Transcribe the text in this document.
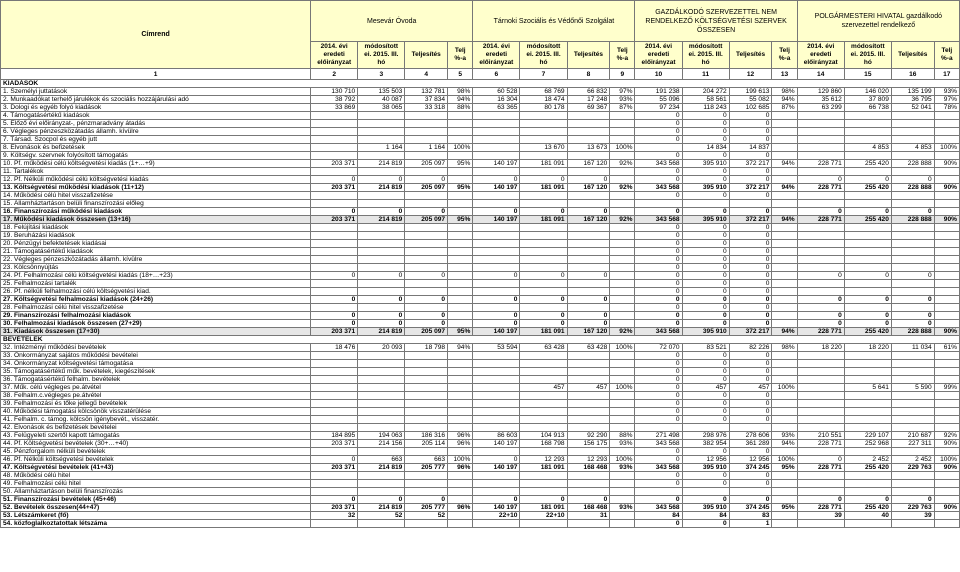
Címrend	Mesevár Óvoda				Tárnoki Szociális és Védőnői Szolgálat				GAZDÁLKODÓ SZERVEZETTEL NEM RENDELKEZŐ KÖLTSÉGVETÉSI SZERVEK ÖSSZESEN				POLGÁRMESTERI HIVATAL gazdálkodó szervezettel rendelkező			
	2014. évi eredeti előirányzat	módosított ei. 2015. III. hó	Teljesítés	Telj %-a	2014. évi eredeti előirányzat	módosított ei. 2015. III. hó	Teljesítés	Telj %-a	2014. évi eredeti előirányzat	módosított ei. 2015. III. hó	Teljesítés	Telj %-a	2014. évi eredeti előirányzat	módosított ei. 2015. III. hó	Teljesítés	Telj %-a
1	2	3	4	5	6	7	8	9	10	11	12	13	14	15	16	17
KIADÁSOK																
1. Személyi juttatások	130 710	135 503	132 781	98%	60 528	68 769	66 832	97%	191 238	204 272	199 613	98%	129 860	146 020	135 199	93%
2. Munkaadókat terhelő járulékok és szociális hozzájárulási adó	38 792	40 087	37 834	94%	16 304	18 474	17 248	93%	55 096	58 561	55 082	94%	35 612	37 809	36 795	97%
3. Dologi és egyéb folyó kiadások	33 869	38 065	33 318	88%	63 365	80 178	69 367	87%	97 234	118 243	102 685	87%	63 299	66 738	52 041	78%
4. Támogatásértékű kiadások									0	0	0					
5. Előző évi előirányzat-, pénzmaradvány átadás									0	0	0					
6. Végleges pénzeszközátadás államh. kívülre									0	0	0					
7. Társad. Szocpol és egyéb jutt									0	0	0					
8. Elvonások és befizetések		1 164	1 164	100%		13 670	13 673	100%		14 834	14 837			4 853	4 853	100%
9. Költségv. szervnek folyósított támogatás									0	0	0					
10. Pf. működési célú költségvetési kiadás (1+…+9)	203 371	214 819	205 097	95%	140 197	181 091	167 120	92%	343 568	395 910	372 217	94%	228 771	255 420	228 888	90%
11. Tartalékok									0	0	0					
12. Pf. Nélküli működési célú költségvetési kiadás	0	0	0		0	0	0		0	0	0		0	0	0	
13. Költségvetési működési kiadások (11+12)	203 371	214 819	205 097	95%	140 197	181 091	167 120	92%	343 568	395 910	372 217	94%	228 771	255 420	228 888	90%
14. Működési célú hitel visszafizetése									0	0	0					
15. Államháztartáson belüli finanszírozási előleg																
16. Finanszírozási működési kiadások	0	0	0		0	0	0		0	0	0		0	0	0	
17. Működési kiadások összesen (13+16)	203 371	214 819	205 097	95%	140 197	181 091	167 120	92%	343 568	395 910	372 217	94%	228 771	255 420	228 888	90%
18. Felújítási kiadások									0	0	0					
19. Beruházási kiadások									0	0	0					
20. Pénzügyi befektetések kiadásai									0	0	0					
21. Támogatásértékű kiadások									0	0	0					
22. Végleges pénzeszközátadás államh. kívülre									0	0	0					
23. Kölcsönnyújtás									0	0	0					
24. Pf. Felhalmozási célú költségvetési kiadás (18+…+23)	0	0	0		0	0	0		0	0	0		0	0	0	
25. Felhalmozási tartalék									0	0	0					
26. Pf. nélküli felhalmozási célú költségvetési kiad.									0	0	0					
27. Költségvetési felhalmozási kiadások (24+26)	0	0	0		0	0	0		0	0	0		0	0	0	
28. Felhalmozási célú hitel visszafizetése									0	0	0					
29. Finanszírozási felhalmozási kiadások	0	0	0		0	0	0		0	0	0		0	0	0	
30. Felhalmozási kiadások összesen (27+29)	0	0	0		0	0	0		0	0	0		0	0	0	
31. Kiadások összesen (17+30)	203 371	214 819	205 097	95%	140 197	181 091	167 120	92%	343 568	395 910	372 217	94%	228 771	255 420	228 888	90%
BEVÉTELEK																
32. Intézményi működési bevételek	18 476	20 093	18 798	94%	53 594	63 428	63 428	100%	72 070	83 521	82 226	98%	18 220	18 220	11 034	61%
33. Önkormányzat sajátos működési bevételei									0	0	0					
34. Önkormányzat költségvetési támogatása									0	0	0					
35. Támogatásértékű műk. bevételek, kiegészítések									0	0	0					
36. Támogatásértékű felhalm. bevételek									0	0	0					
37. Műk. célú végleges pe.átvétel						457	457	100%	0	457	457	100%		5 641	5 590	99%
38. Felhalm.c.végleges pe.átvétel									0	0	0					
39. Felhalmozási és tőke jellegű bevételek									0	0	0					
40. Működési támogatási kölcsönök visszatérülése									0	0	0					
41. Felhalm. c. támog. kölcsön igénybevét., visszatér.									0	0	0					
42. Elvonások és befizetések bevételei																
43. Felügyeleti szertől kapott támogatás	184 895	194 063	186 316	96%	86 603	104 913	92 290	88%	271 498	298 976	278 606	93%	210 551	229 107	210 687	92%
44. Pf. Költségvetési bevételek (30+…+40)	203 371	214 156	205 114	96%	140 197	168 798	156 175	93%	343 568	382 954	361 289	94%	228 771	252 968	227 311	90%
45. Pénzforgalom nélküli bevételek									0	0	0					
46. Pf. Nélküli költségvetési bevételek	0	663	663	100%	0	12 293	12 293	100%	0	12 956	12 956	100%	0	2 452	2 452	100%
47. Költségvetési bevételek (41+43)	203 371	214 819	205 777	96%	140 197	181 091	168 468	93%	343 568	395 910	374 245	95%	228 771	255 420	229 763	90%
48. Működési célú hitel									0	0	0					
49. Felhalmozási célú hitel									0	0	0					
50. Államháztartáson belüli finanszírozás																
51. Finanszírozási bevételek (45+46)	0	0	0		0	0	0		0	0	0		0	0	0	
52. Bevételek összesen(44+47)	203 371	214 819	205 777	96%	140 197	181 091	168 468	93%	343 568	395 910	374 245	95%	228 771	255 420	229 763	90%
53. Létszámkeret (fő)	32	52	52		22+10	22+10	31		84	84	83		39	40	39	
54. közfoglalkoztatottak létszáma									0	0	1					
